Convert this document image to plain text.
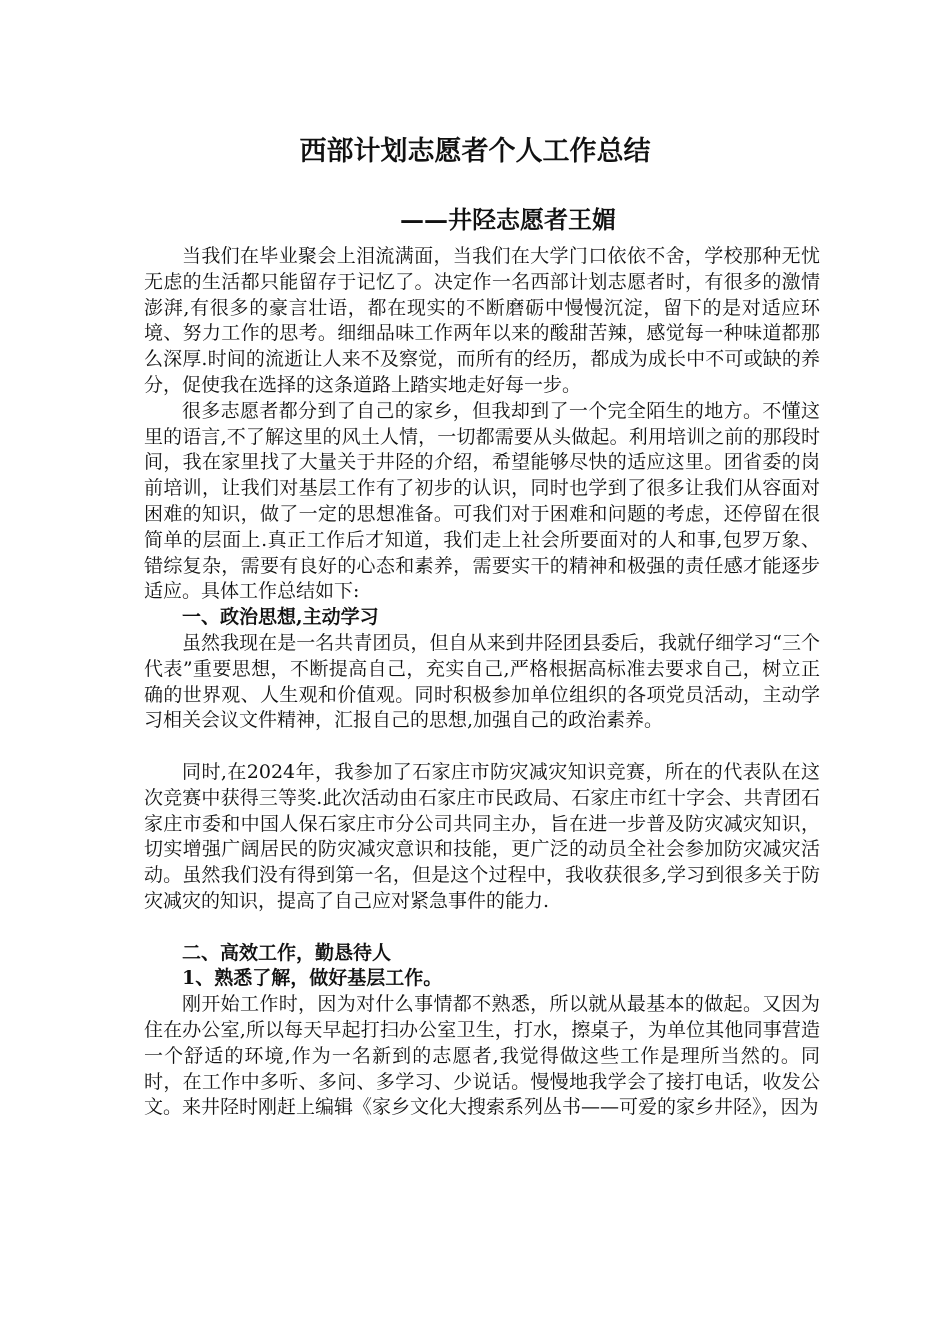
西部计划志愿者个人工作总结
——井陉志愿者王媚

当我们在毕业聚会上泪流满面，当我们在大学门口依依不舍，学校那种无忧无虑的生活都只能留存于记忆了。决定作一名西部计划志愿者时，有很多的激情澎湃,有很多的豪言壮语，都在现实的不断磨砺中慢慢沉淀，留下的是对适应环境、努力工作的思考。细细品味工作两年以来的酸甜苦辣，感觉每一种味道都那么深厚.时间的流逝让人来不及察觉，而所有的经历，都成为成长中不可或缺的养分，促使我在选择的这条道路上踏实地走好每一步。

很多志愿者都分到了自己的家乡，但我却到了一个完全陌生的地方。不懂这里的语言,不了解这里的风土人情，一切都需要从头做起。利用培训之前的那段时间，我在家里找了大量关于井陉的介绍，希望能够尽快的适应这里。团省委的岗前培训，让我们对基层工作有了初步的认识，同时也学到了很多让我们从容面对困难的知识，做了一定的思想准备。可我们对于困难和问题的考虑，还停留在很简单的层面上.真正工作后才知道，我们走上社会所要面对的人和事,包罗万象、错综复杂，需要有良好的心态和素养，需要实干的精神和极强的责任感才能逐步适应。具体工作总结如下:

一、政治思想,主动学习

虽然我现在是一名共青团员，但自从来到井陉团县委后，我就仔细学习“三个代表”重要思想，不断提高自己，充实自己,严格根据高标准去要求自己，树立正确的世界观、人生观和价值观。同时积极参加单位组织的各项党员活动，主动学习相关会议文件精神，汇报自己的思想,加强自己的政治素养。

同时,在2024年，我参加了石家庄市防灾减灾知识竞赛，所在的代表队在这次竞赛中获得三等奖.此次活动由石家庄市民政局、石家庄市红十字会、共青团石家庄市委和中国人保石家庄市分公司共同主办，旨在进一步普及防灾减灾知识，切实增强广阔居民的防灾减灾意识和技能，更广泛的动员全社会参加防灾减灾活动。虽然我们没有得到第一名，但是这个过程中，我收获很多,学习到很多关于防灾减灾的知识，提高了自己应对紧急事件的能力.

二、高效工作，勤恳待人

1、熟悉了解，做好基层工作。

刚开始工作时，因为对什么事情都不熟悉，所以就从最基本的做起。又因为住在办公室,所以每天早起打扫办公室卫生，打水，擦桌子，为单位其他同事营造一个舒适的环境,作为一名新到的志愿者,我觉得做这些工作是理所当然的。同时，在工作中多听、多问、多学习、少说话。慢慢地我学会了接打电话，收发公文。来井陉时刚赶上编辑《家乡文化大搜索系列丛书——可爱的家乡井陉》，因为
